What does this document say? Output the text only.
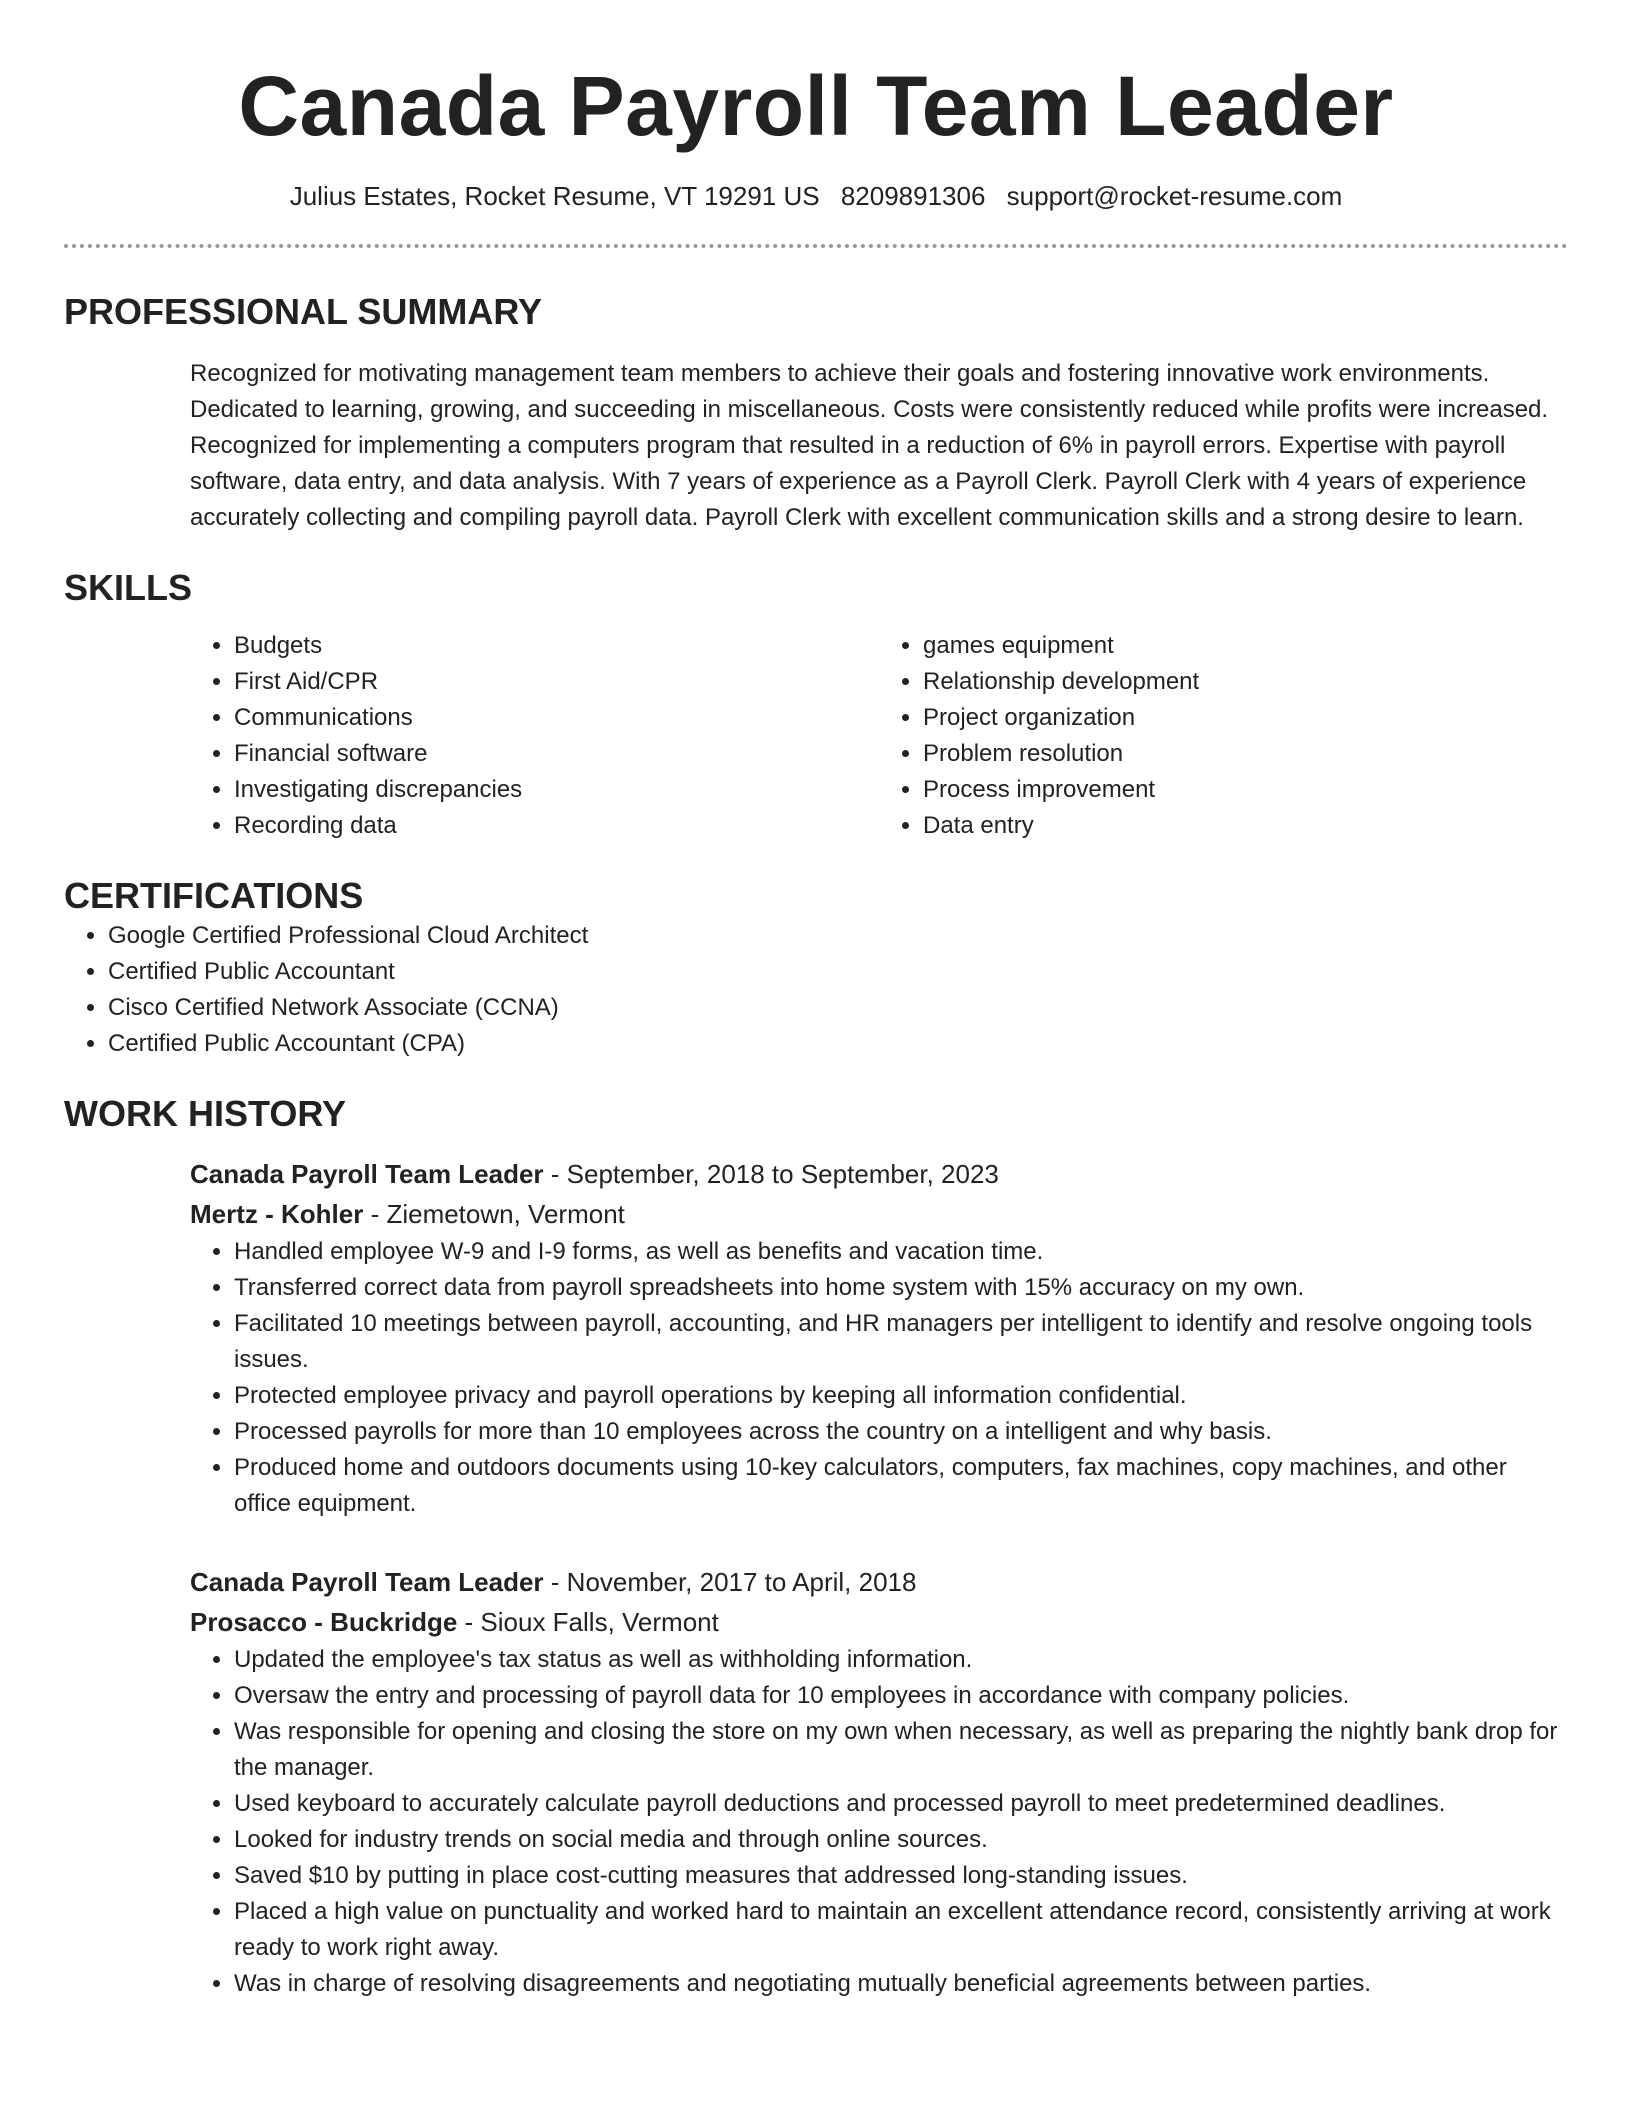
Canada Payroll Team Leader
Julius Estates, Rocket Resume, VT 19291 US 8209891306 support@rocket-resume.com
PROFESSIONAL SUMMARY
Recognized for motivating management team members to achieve their goals and fostering innovative work environments. Dedicated to learning, growing, and succeeding in miscellaneous. Costs were consistently reduced while profits were increased. Recognized for implementing a computers program that resulted in a reduction of 6% in payroll errors. Expertise with payroll software, data entry, and data analysis. With 7 years of experience as a Payroll Clerk. Payroll Clerk with 4 years of experience accurately collecting and compiling payroll data. Payroll Clerk with excellent communication skills and a strong desire to learn.
SKILLS
• Budgets
• First Aid/CPR
• Communications
• Financial software
• Investigating discrepancies
• Recording data
• games equipment
• Relationship development
• Project organization
• Problem resolution
• Process improvement
• Data entry
CERTIFICATIONS
• Google Certified Professional Cloud Architect
• Certified Public Accountant
• Cisco Certified Network Associate (CCNA)
• Certified Public Accountant (CPA)
WORK HISTORY
Canada Payroll Team Leader - September, 2018 to September, 2023
Mertz - Kohler - Ziemetown, Vermont
• Handled employee W-9 and I-9 forms, as well as benefits and vacation time.
• Transferred correct data from payroll spreadsheets into home system with 15% accuracy on my own.
• Facilitated 10 meetings between payroll, accounting, and HR managers per intelligent to identify and resolve ongoing tools issues.
• Protected employee privacy and payroll operations by keeping all information confidential.
• Processed payrolls for more than 10 employees across the country on a intelligent and why basis.
• Produced home and outdoors documents using 10-key calculators, computers, fax machines, copy machines, and other office equipment.
Canada Payroll Team Leader - November, 2017 to April, 2018
Prosacco - Buckridge - Sioux Falls, Vermont
• Updated the employee's tax status as well as withholding information.
• Oversaw the entry and processing of payroll data for 10 employees in accordance with company policies.
• Was responsible for opening and closing the store on my own when necessary, as well as preparing the nightly bank drop for the manager.
• Used keyboard to accurately calculate payroll deductions and processed payroll to meet predetermined deadlines.
• Looked for industry trends on social media and through online sources.
• Saved $10 by putting in place cost-cutting measures that addressed long-standing issues.
• Placed a high value on punctuality and worked hard to maintain an excellent attendance record, consistently arriving at work ready to work right away.
• Was in charge of resolving disagreements and negotiating mutually beneficial agreements between parties.
